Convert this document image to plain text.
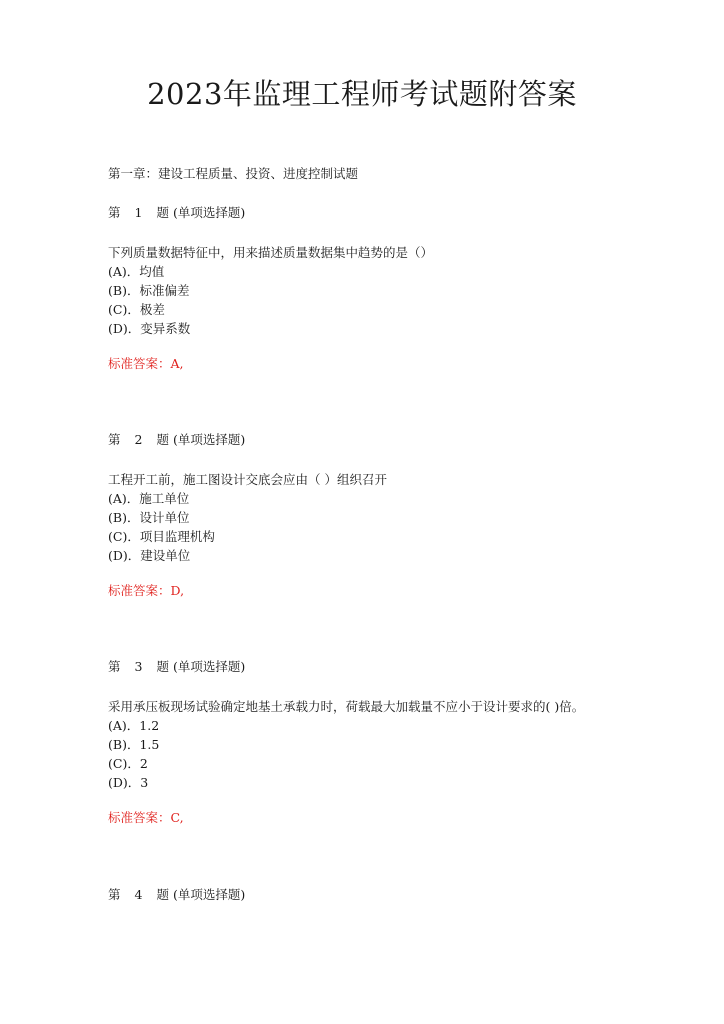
2023年监理工程师考试题附答案

第一章：建设工程质量、投资、进度控制试题

第 1 题 (单项选择题)
下列质量数据特征中，用来描述质量数据集中趋势的是（）
(A)．均值
(B)．标准偏差
(C)．极差
(D)．变异系数
标准答案：A,
第 2 题 (单项选择题)
工程开工前，施工图设计交底会应由（ ）组织召开
(A)．施工单位
(B)．设计单位
(C)．项目监理机构
(D)．建设单位
标准答案：D,
第 3 题 (单项选择题)
采用承压板现场试验确定地基土承载力时，荷载最大加载量不应小于设计要求的( )倍。
(A)．1.2
(B)．1.5
(C)．2
(D)．3
标准答案：C,
第 4 题 (单项选择题)
